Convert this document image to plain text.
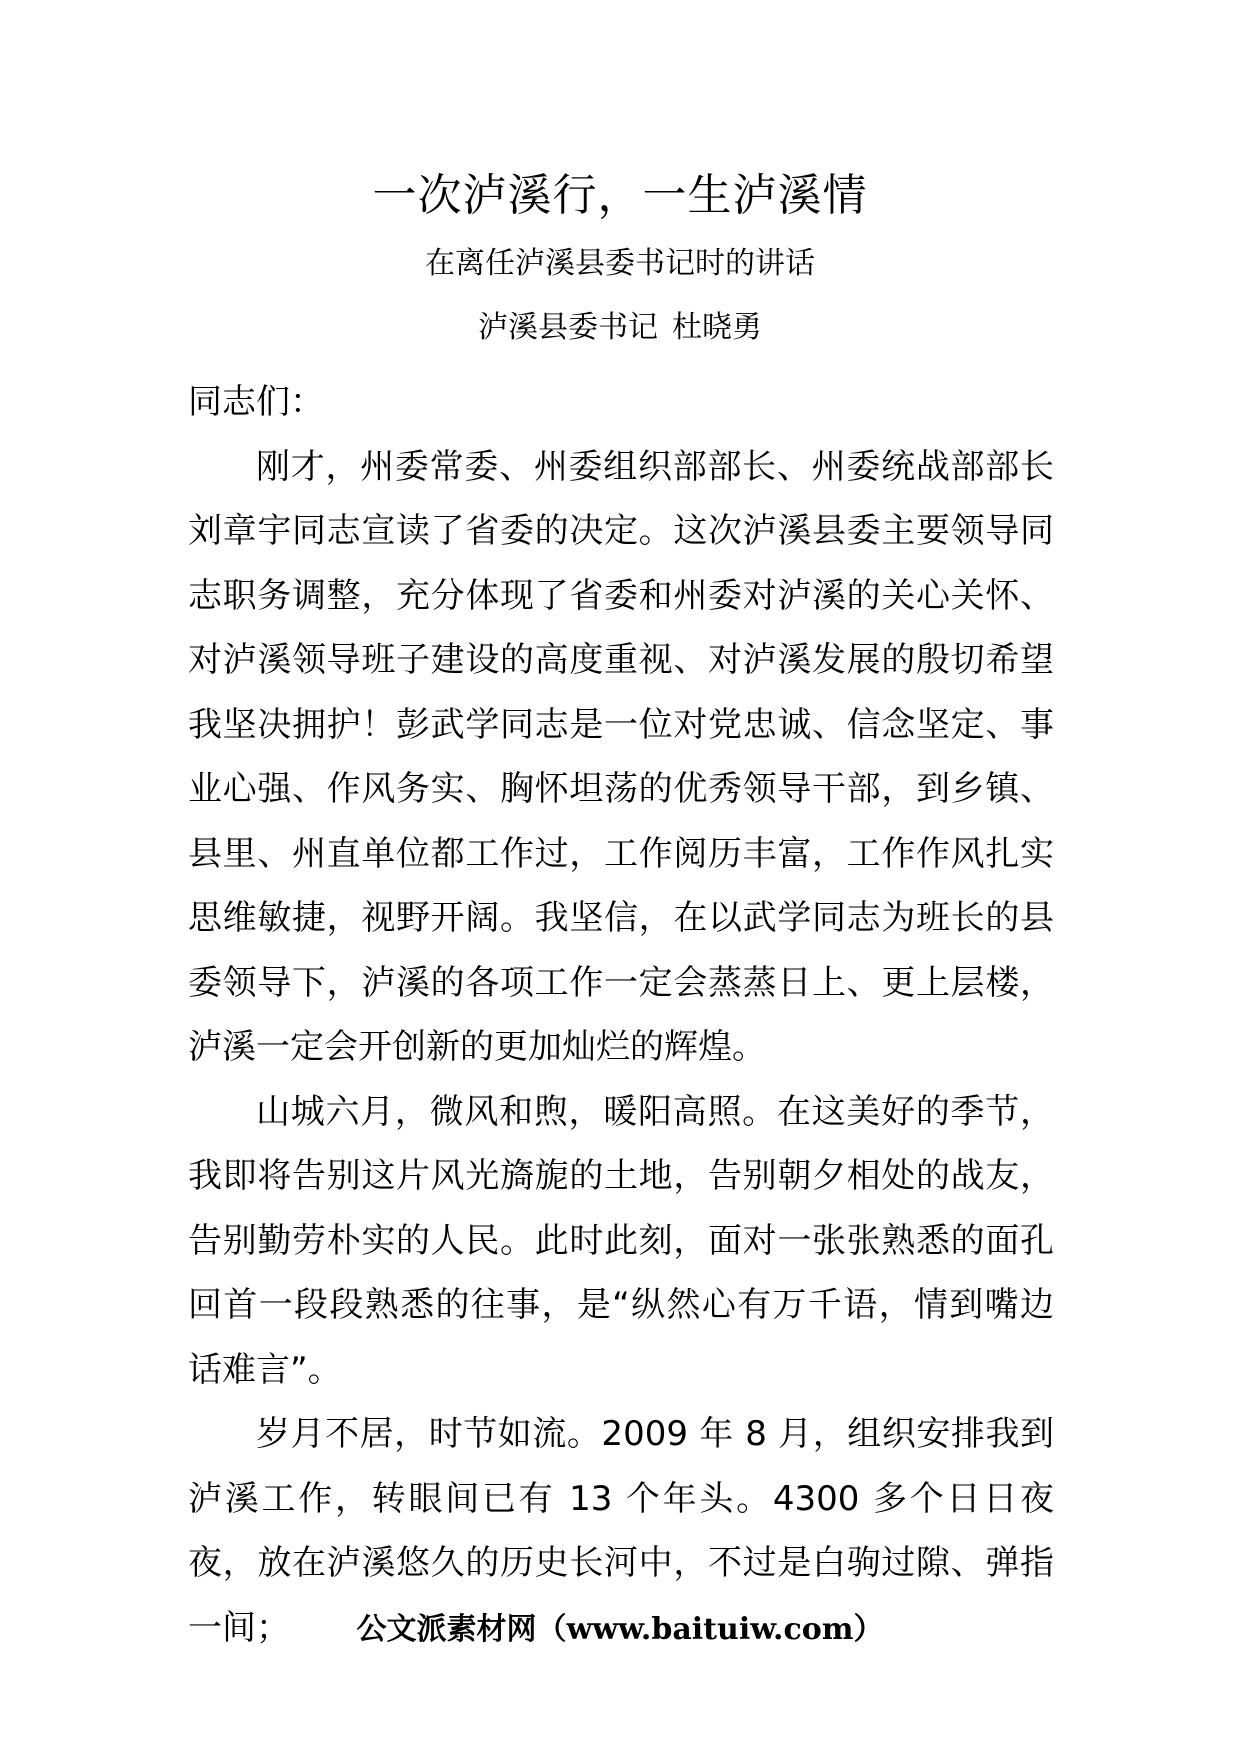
一次泸溪行，一生泸溪情
在离任泸溪县委书记时的讲话
泸溪县委书记 杜晓勇

同志们：

刚才，州委常委、州委组织部部长、州委统战部部长刘章宇同志宣读了省委的决定。这次泸溪县委主要领导同志职务调整，充分体现了省委和州委对泸溪的关心关怀、对泸溪领导班子建设的高度重视、对泸溪发展的殷切希望我坚决拥护！彭武学同志是一位对党忠诚、信念坚定、事业心强、作风务实、胸怀坦荡的优秀领导干部，到乡镇、县里、州直单位都工作过，工作阅历丰富，工作作风扎实思维敏捷，视野开阔。我坚信，在以武学同志为班长的县委领导下，泸溪的各项工作一定会蒸蒸日上、更上层楼，泸溪一定会开创新的更加灿烂的辉煌。

山城六月，微风和煦，暖阳高照。在这美好的季节，我即将告别这片风光旖旎的土地，告别朝夕相处的战友，告别勤劳朴实的人民。此时此刻，面对一张张熟悉的面孔回首一段段熟悉的往事，是“纵然心有万千语，情到嘴边话难言”。

岁月不居，时节如流。2009 年 8 月，组织安排我到泸溪工作，转眼间已有 13 个年头。4300 多个日日夜夜，放在泸溪悠久的历史长河中，不过是白驹过隙、弹指一间；	公文派素材网（www.baituiw.com）
